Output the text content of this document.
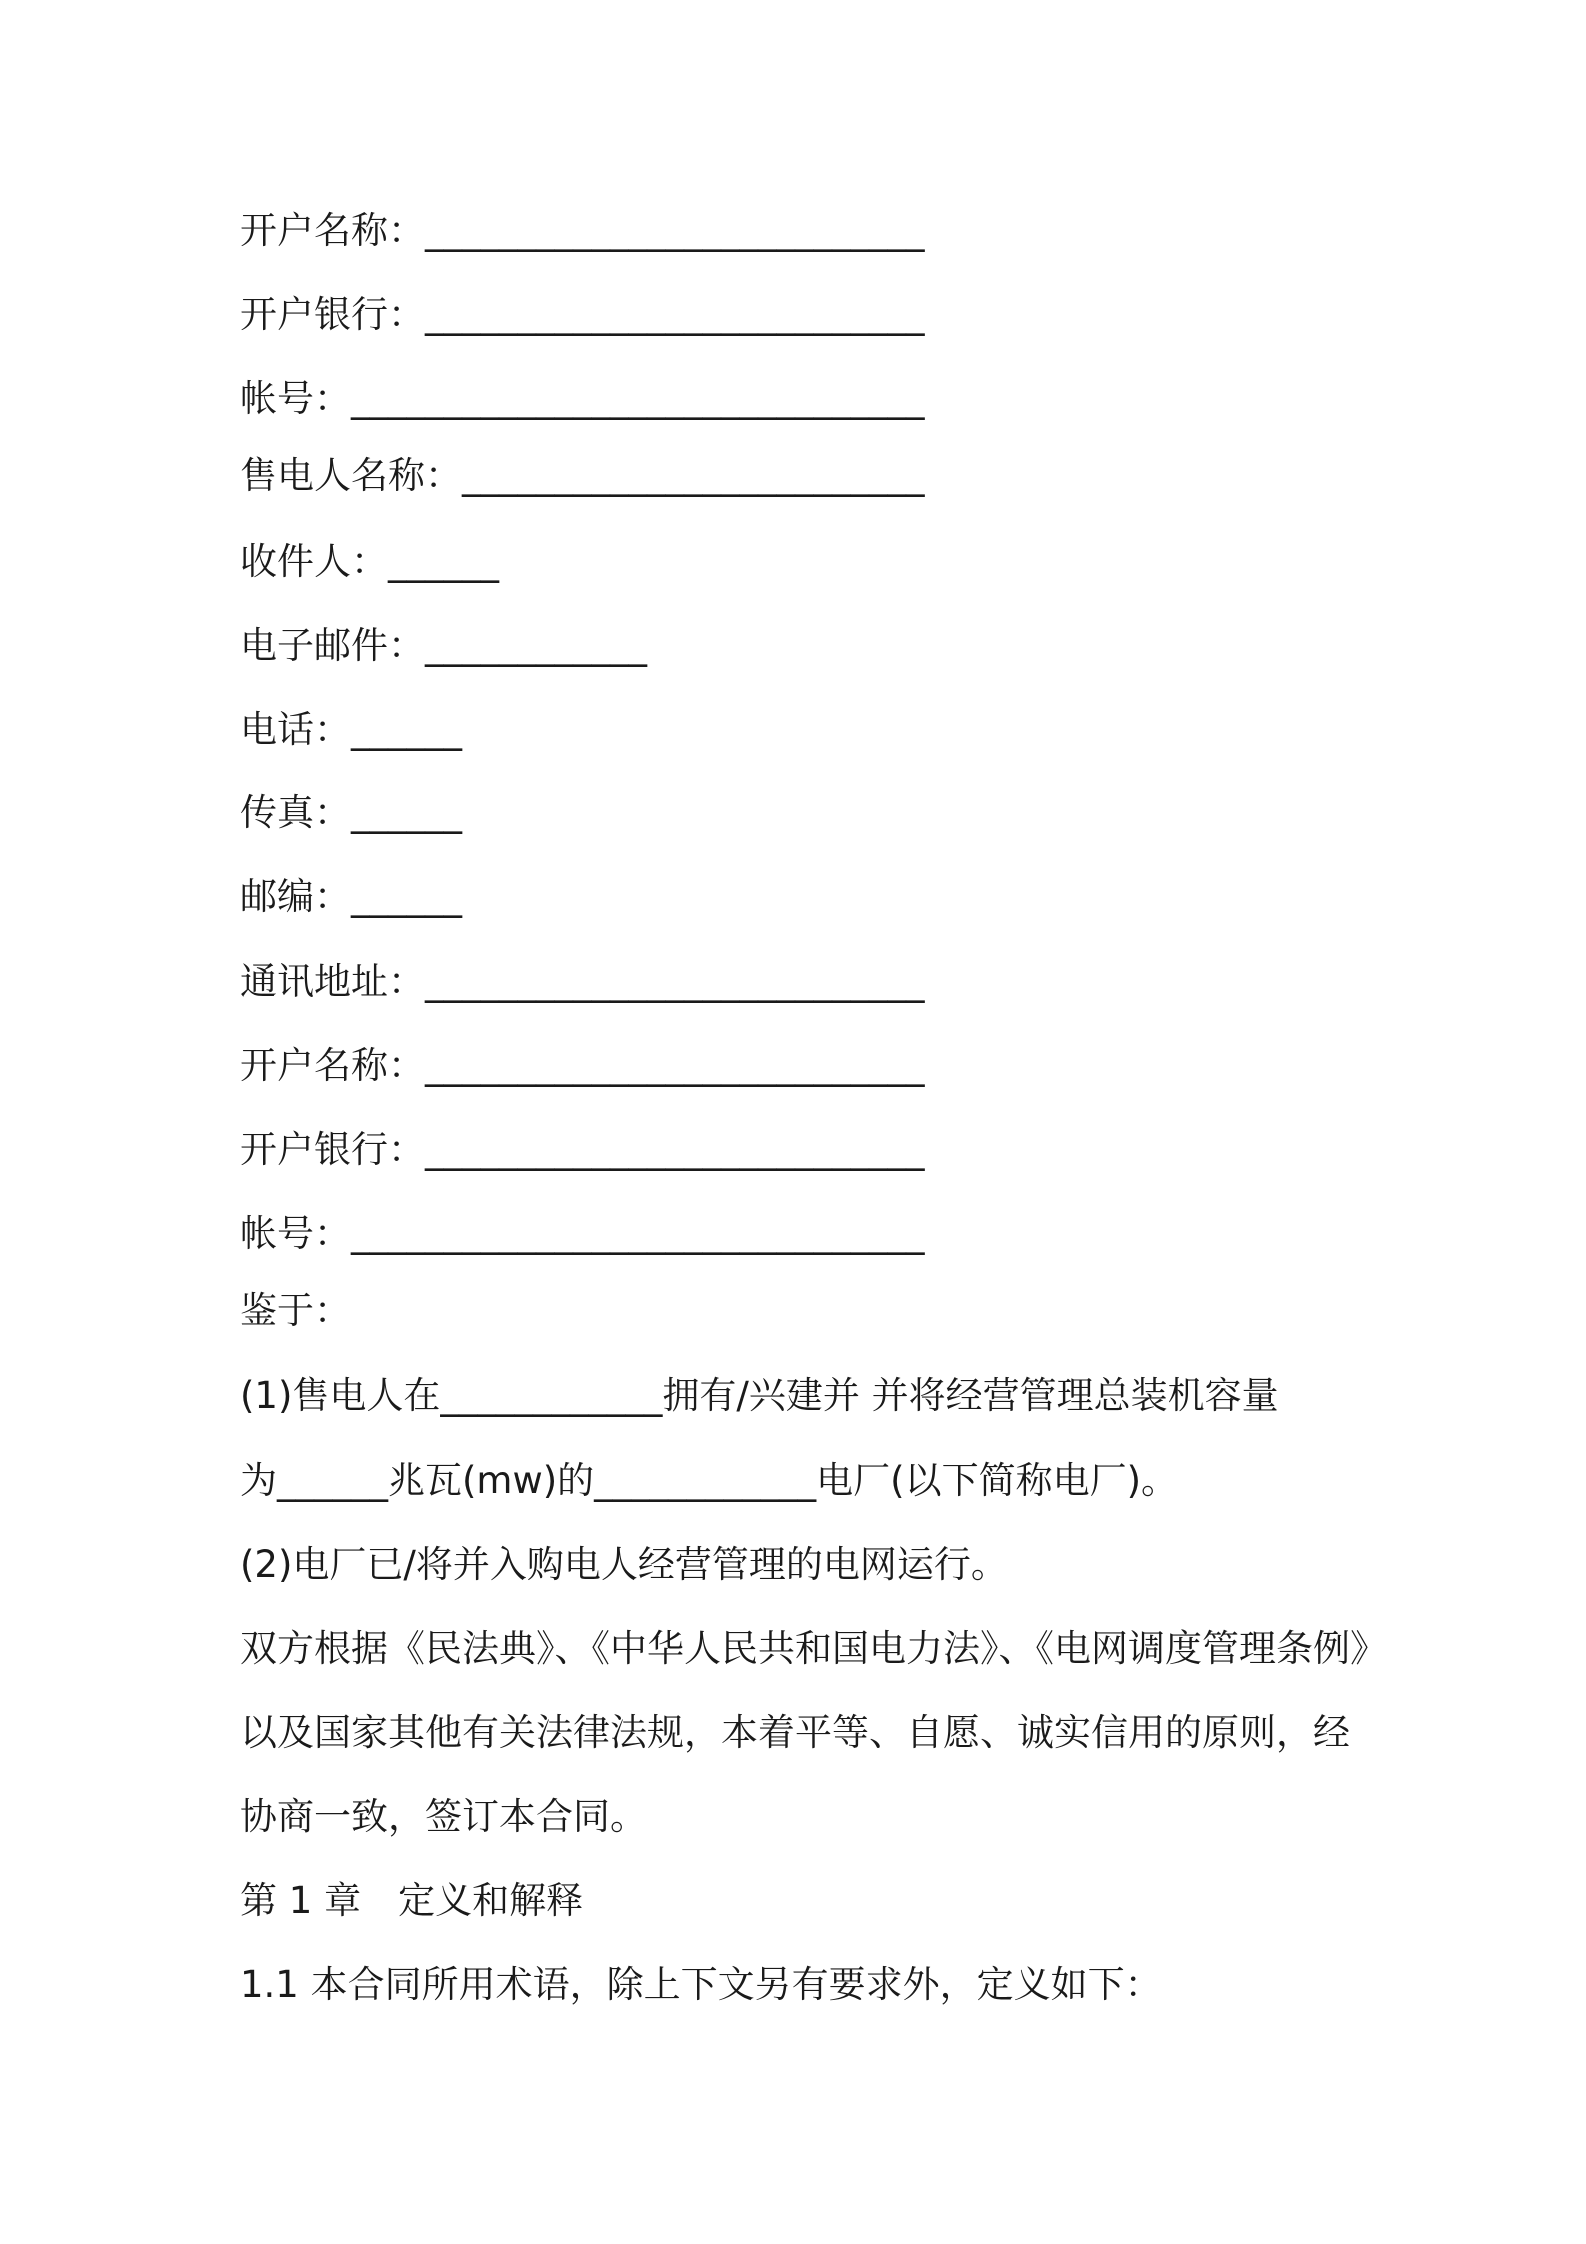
开户名称：___________________________
开户银行：___________________________
帐号：_______________________________
售电人名称：_________________________
收件人：______
电子邮件：____________
电话：______
传真：______
邮编：______
通讯地址：___________________________
开户名称：___________________________
开户银行：___________________________
帐号：_______________________________
鉴于：
(1)售电人在____________拥有/兴建并 并将经营管理总装机容量
为______兆瓦(mw)的____________电厂(以下简称电厂)。
(2)电厂已/将并入购电人经营管理的电网运行。
双方根据《民法典》、《中华人民共和国电力法》、《电网调度管理条例》
以及国家其他有关法律法规，本着平等、自愿、诚实信用的原则，经
协商一致，签订本合同。
第 1 章　定义和解释
1.1 本合同所用术语，除上下文另有要求外，定义如下：
